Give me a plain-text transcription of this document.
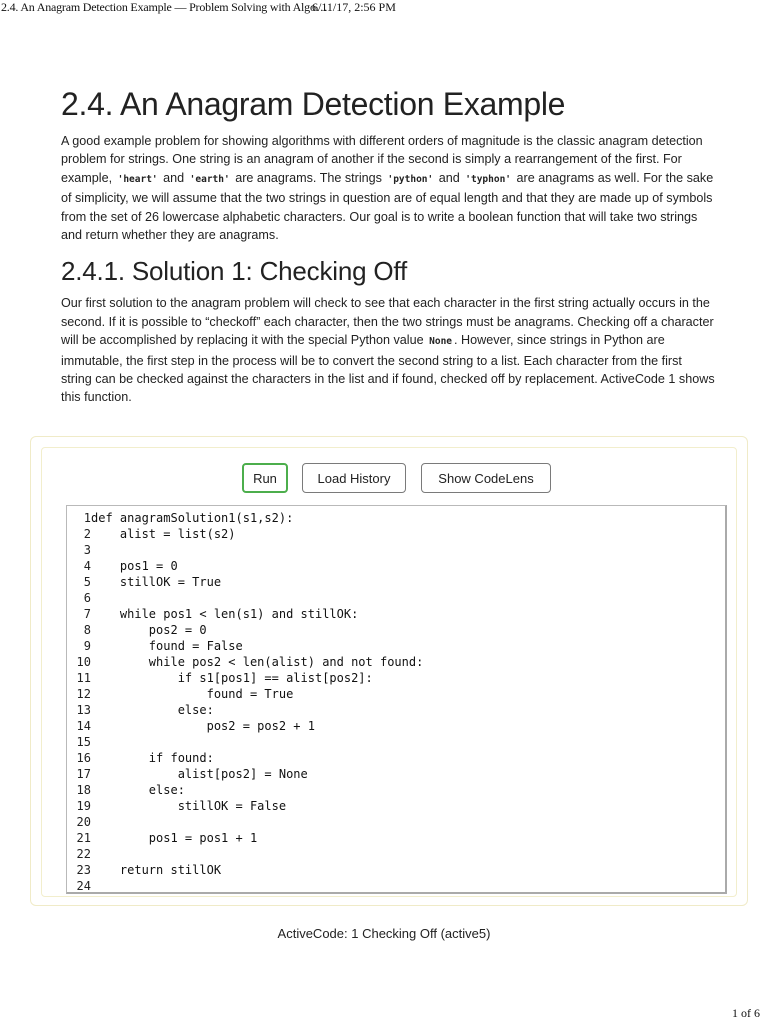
2.4. An Anagram Detection Example — Problem Solving with Algo…
6/11/17, 2:56 PM
2.4. An Anagram Detection Example

A good example problem for showing algorithms with different orders of magnitude is the classic anagram detection problem for strings. One string is an anagram of another if the second is simply a rearrangement of the first. For example, 'heart' and 'earth' are anagrams. The strings 'python' and 'typhon' are anagrams as well. For the sake of simplicity, we will assume that the two strings in question are of equal length and that they are made up of symbols from the set of 26 lowercase alphabetic characters. Our goal is to write a boolean function that will take two strings and return whether they are anagrams.

2.4.1. Solution 1: Checking Off

Our first solution to the anagram problem will check to see that each character in the first string actually occurs in the second. If it is possible to “checkoff” each character, then the two strings must be anagrams. Checking off a character will be accomplished by replacing it with the special Python value None . However, since strings in Python are immutable, the first step in the process will be to convert the second string to a list. Each character from the first string can be checked against the characters in the list and if found, checked off by replacement. ActiveCode 1 shows this function.

Run	Load History	Show CodeLens
1def anagramSolution1(s1,s2):
2    alist = list(s2)
3
4    pos1 = 0
5    stillOK = True
6
7    while pos1 < len(s1) and stillOK:
8        pos2 = 0
9        found = False
10        while pos2 < len(alist) and not found:
11            if s1[pos1] == alist[pos2]:
12                found = True
13            else:
14                pos2 = pos2 + 1
15
16        if found:
17            alist[pos2] = None
18        else:
19            stillOK = False
20
21        pos1 = pos1 + 1
22
23    return stillOK
24
ActiveCode: 1 Checking Off (active5)
1 of 6
